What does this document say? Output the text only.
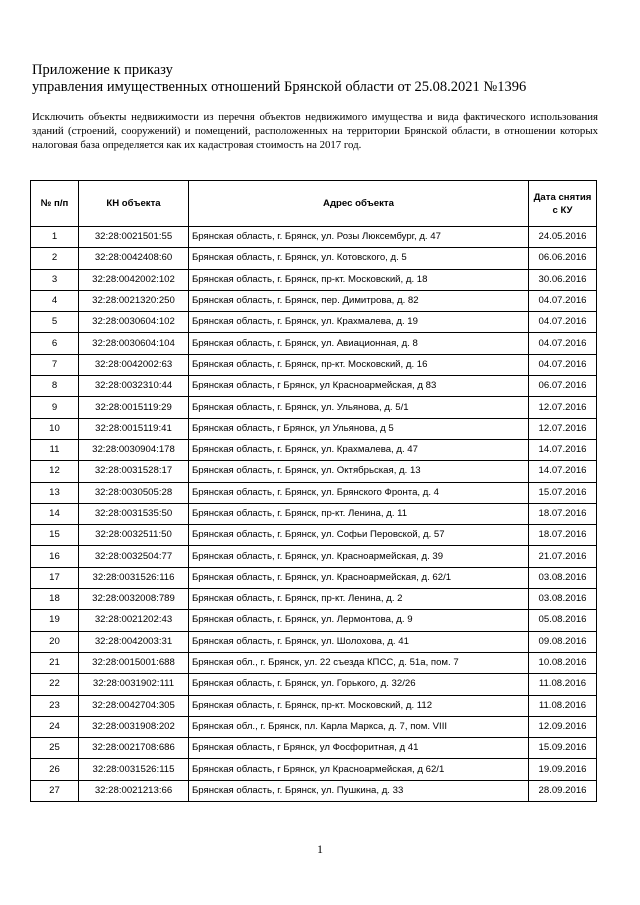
Приложение к приказу
управления имущественных отношений Брянской области от 25.08.2021 №1396
Исключить объекты недвижимости из перечня объектов недвижимого имущества и вида фактического использования зданий (строений, сооружений) и помещений, расположенных на территории Брянской области, в отношении которых налоговая база определяется как их кадастровая стоимость на 2017 год.
№ п/п	КН объекта	Адрес объекта	Дата снятия с КУ
1	32:28:0021501:55	Брянская область, г. Брянск, ул. Розы Люксембург, д. 47	24.05.2016
2	32:28:0042408:60	Брянская область, г. Брянск, ул. Котовского, д. 5	06.06.2016
3	32:28:0042002:102	Брянская область, г. Брянск, пр-кт. Московский, д. 18	30.06.2016
4	32:28:0021320:250	Брянская область, г. Брянск, пер. Димитрова, д. 82	04.07.2016
5	32:28:0030604:102	Брянская область, г. Брянск, ул. Крахмалева, д. 19	04.07.2016
6	32:28:0030604:104	Брянская область, г. Брянск, ул. Авиационная, д. 8	04.07.2016
7	32:28:0042002:63	Брянская область, г. Брянск, пр-кт. Московский, д. 16	04.07.2016
8	32:28:0032310:44	Брянская область, г Брянск, ул Красноармейская, д 83	06.07.2016
9	32:28:0015119:29	Брянская область, г. Брянск, ул. Ульянова, д. 5/1	12.07.2016
10	32:28:0015119:41	Брянская область, г Брянск, ул Ульянова, д 5	12.07.2016
11	32:28:0030904:178	Брянская область, г. Брянск, ул. Крахмалева, д. 47	14.07.2016
12	32:28:0031528:17	Брянская область, г. Брянск, ул. Октябрьская, д. 13	14.07.2016
13	32:28:0030505:28	Брянская область, г. Брянск, ул. Брянского Фронта, д. 4	15.07.2016
14	32:28:0031535:50	Брянская область, г. Брянск, пр-кт. Ленина, д. 11	18.07.2016
15	32:28:0032511:50	Брянская область, г. Брянск, ул. Софьи Перовской, д. 57	18.07.2016
16	32:28:0032504:77	Брянская область, г. Брянск, ул. Красноармейская, д. 39	21.07.2016
17	32:28:0031526:116	Брянская область, г. Брянск, ул. Красноармейская, д. 62/1	03.08.2016
18	32:28:0032008:789	Брянская область, г. Брянск, пр-кт. Ленина, д. 2	03.08.2016
19	32:28:0021202:43	Брянская область, г. Брянск, ул. Лермонтова, д. 9	05.08.2016
20	32:28:0042003:31	Брянская область, г. Брянск, ул. Шолохова, д. 41	09.08.2016
21	32:28:0015001:688	Брянская обл., г. Брянск, ул. 22 съезда КПСС, д. 51а, пом. 7	10.08.2016
22	32:28:0031902:111	Брянская область, г. Брянск, ул. Горького, д. 32/26	11.08.2016
23	32:28:0042704:305	Брянская область, г. Брянск, пр-кт. Московский, д. 112	11.08.2016
24	32:28:0031908:202	Брянская обл., г. Брянск, пл. Карла Маркса, д. 7, пом. VIII	12.09.2016
25	32:28:0021708:686	Брянская область, г Брянск, ул Фосфоритная, д 41	15.09.2016
26	32:28:0031526:115	Брянская область, г Брянск, ул Красноармейская, д 62/1	19.09.2016
27	32:28:0021213:66	Брянская область, г. Брянск, ул. Пушкина, д. 33	28.09.2016
1
